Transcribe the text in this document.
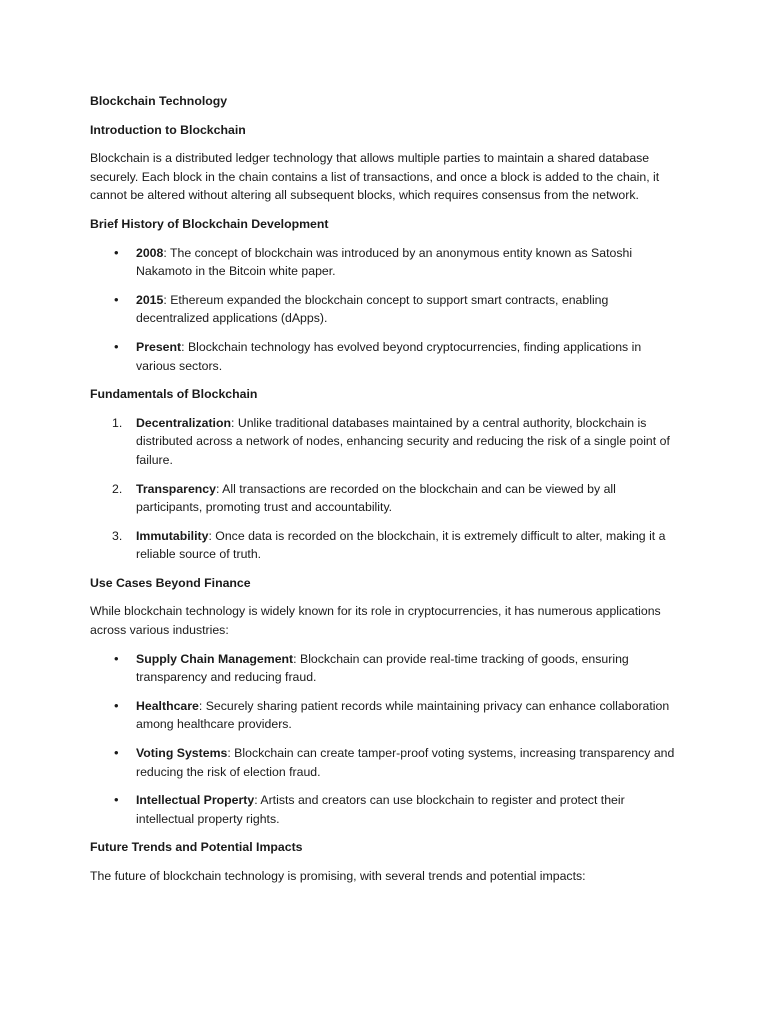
Blockchain Technology

Introduction to Blockchain

Blockchain is a distributed ledger technology that allows multiple parties to maintain a shared database securely. Each block in the chain contains a list of transactions, and once a block is added to the chain, it cannot be altered without altering all subsequent blocks, which requires consensus from the network.

Brief History of Blockchain Development

• 2008: The concept of blockchain was introduced by an anonymous entity known as Satoshi Nakamoto in the Bitcoin white paper.
• 2015: Ethereum expanded the blockchain concept to support smart contracts, enabling decentralized applications (dApps).
• Present: Blockchain technology has evolved beyond cryptocurrencies, finding applications in various sectors.

Fundamentals of Blockchain

1. Decentralization: Unlike traditional databases maintained by a central authority, blockchain is distributed across a network of nodes, enhancing security and reducing the risk of a single point of failure.
2. Transparency: All transactions are recorded on the blockchain and can be viewed by all participants, promoting trust and accountability.
3. Immutability: Once data is recorded on the blockchain, it is extremely difficult to alter, making it a reliable source of truth.

Use Cases Beyond Finance

While blockchain technology is widely known for its role in cryptocurrencies, it has numerous applications across various industries:

• Supply Chain Management: Blockchain can provide real-time tracking of goods, ensuring transparency and reducing fraud.
• Healthcare: Securely sharing patient records while maintaining privacy can enhance collaboration among healthcare providers.
• Voting Systems: Blockchain can create tamper-proof voting systems, increasing transparency and reducing the risk of election fraud.
• Intellectual Property: Artists and creators can use blockchain to register and protect their intellectual property rights.

Future Trends and Potential Impacts

The future of blockchain technology is promising, with several trends and potential impacts:
